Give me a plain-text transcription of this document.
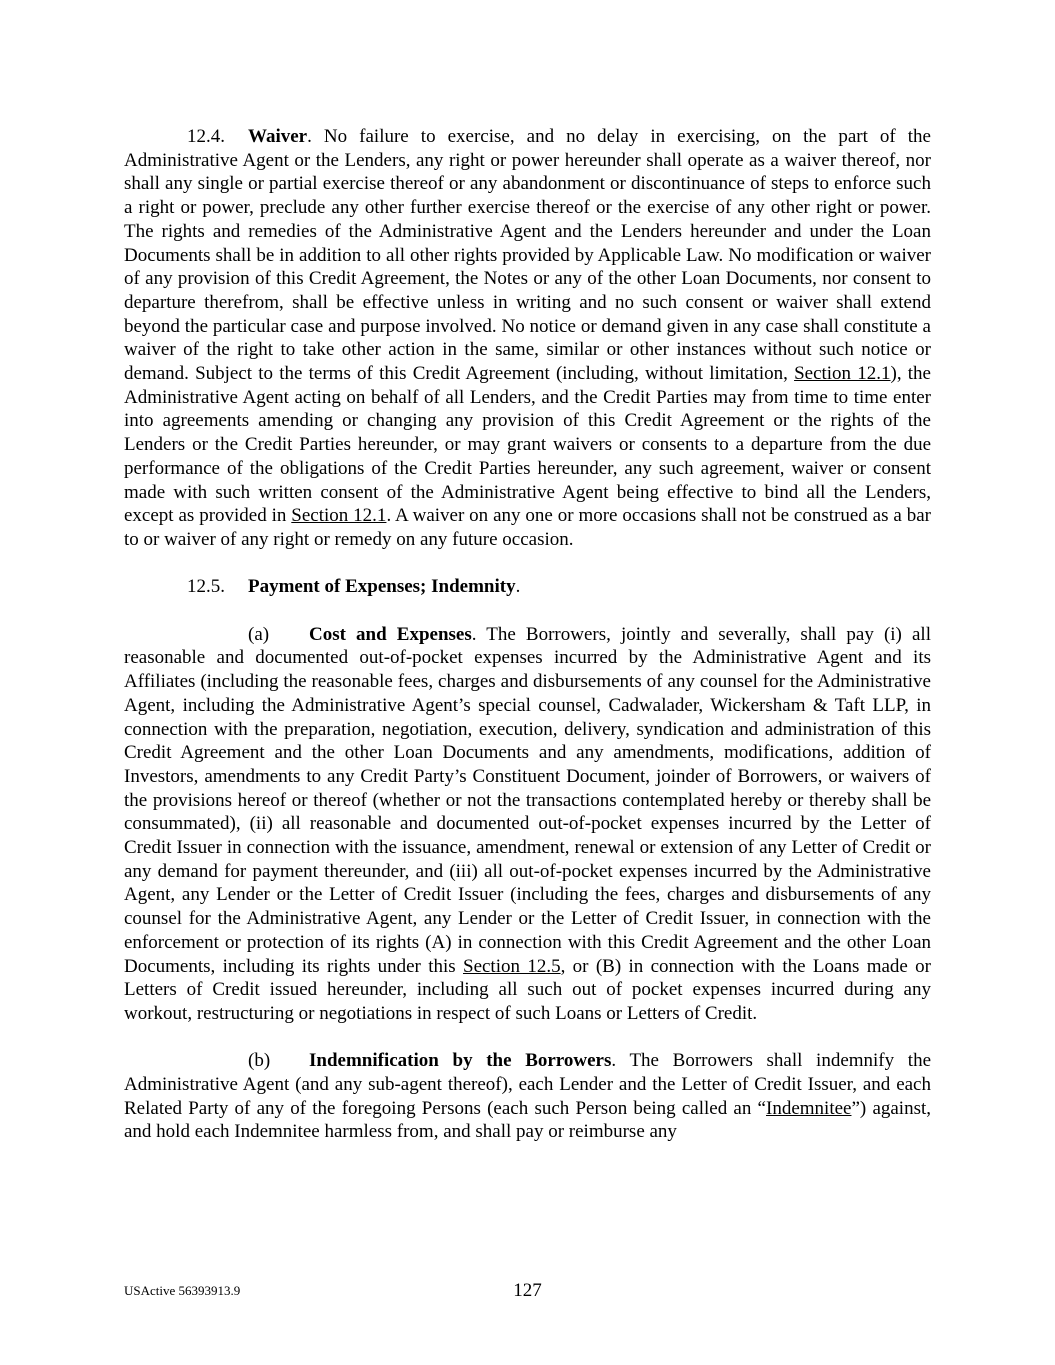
12.4. Waiver. No failure to exercise, and no delay in exercising, on the part of the Administrative Agent or the Lenders, any right or power hereunder shall operate as a waiver thereof, nor shall any single or partial exercise thereof or any abandonment or discontinuance of steps to enforce such a right or power, preclude any other further exercise thereof or the exercise of any other right or power. The rights and remedies of the Administrative Agent and the Lenders hereunder and under the Loan Documents shall be in addition to all other rights provided by Applicable Law. No modification or waiver of any provision of this Credit Agreement, the Notes or any of the other Loan Documents, nor consent to departure therefrom, shall be effective unless in writing and no such consent or waiver shall extend beyond the particular case and purpose involved. No notice or demand given in any case shall constitute a waiver of the right to take other action in the same, similar or other instances without such notice or demand. Subject to the terms of this Credit Agreement (including, without limitation, Section 12.1), the Administrative Agent acting on behalf of all Lenders, and the Credit Parties may from time to time enter into agreements amending or changing any provision of this Credit Agreement or the rights of the Lenders or the Credit Parties hereunder, or may grant waivers or consents to a departure from the due performance of the obligations of the Credit Parties hereunder, any such agreement, waiver or consent made with such written consent of the Administrative Agent being effective to bind all the Lenders, except as provided in Section 12.1. A waiver on any one or more occasions shall not be construed as a bar to or waiver of any right or remedy on any future occasion.

12.5. Payment of Expenses; Indemnity.

(a) Cost and Expenses. The Borrowers, jointly and severally, shall pay (i) all reasonable and documented out-of-pocket expenses incurred by the Administrative Agent and its Affiliates (including the reasonable fees, charges and disbursements of any counsel for the Administrative Agent, including the Administrative Agent’s special counsel, Cadwalader, Wickersham & Taft LLP, in connection with the preparation, negotiation, execution, delivery, syndication and administration of this Credit Agreement and the other Loan Documents and any amendments, modifications, addition of Investors, amendments to any Credit Party’s Constituent Document, joinder of Borrowers, or waivers of the provisions hereof or thereof (whether or not the transactions contemplated hereby or thereby shall be consummated), (ii) all reasonable and documented out-of-pocket expenses incurred by the Letter of Credit Issuer in connection with the issuance, amendment, renewal or extension of any Letter of Credit or any demand for payment thereunder, and (iii) all out-of-pocket expenses incurred by the Administrative Agent, any Lender or the Letter of Credit Issuer (including the fees, charges and disbursements of any counsel for the Administrative Agent, any Lender or the Letter of Credit Issuer, in connection with the enforcement or protection of its rights (A) in connection with this Credit Agreement and the other Loan Documents, including its rights under this Section 12.5, or (B) in connection with the Loans made or Letters of Credit issued hereunder, including all such out of pocket expenses incurred during any workout, restructuring or negotiations in respect of such Loans or Letters of Credit.

(b) Indemnification by the Borrowers. The Borrowers shall indemnify the Administrative Agent (and any sub-agent thereof), each Lender and the Letter of Credit Issuer, and each Related Party of any of the foregoing Persons (each such Person being called an “Indemnitee”) against, and hold each Indemnitee harmless from, and shall pay or reimburse any

USActive 56393913.9	127
